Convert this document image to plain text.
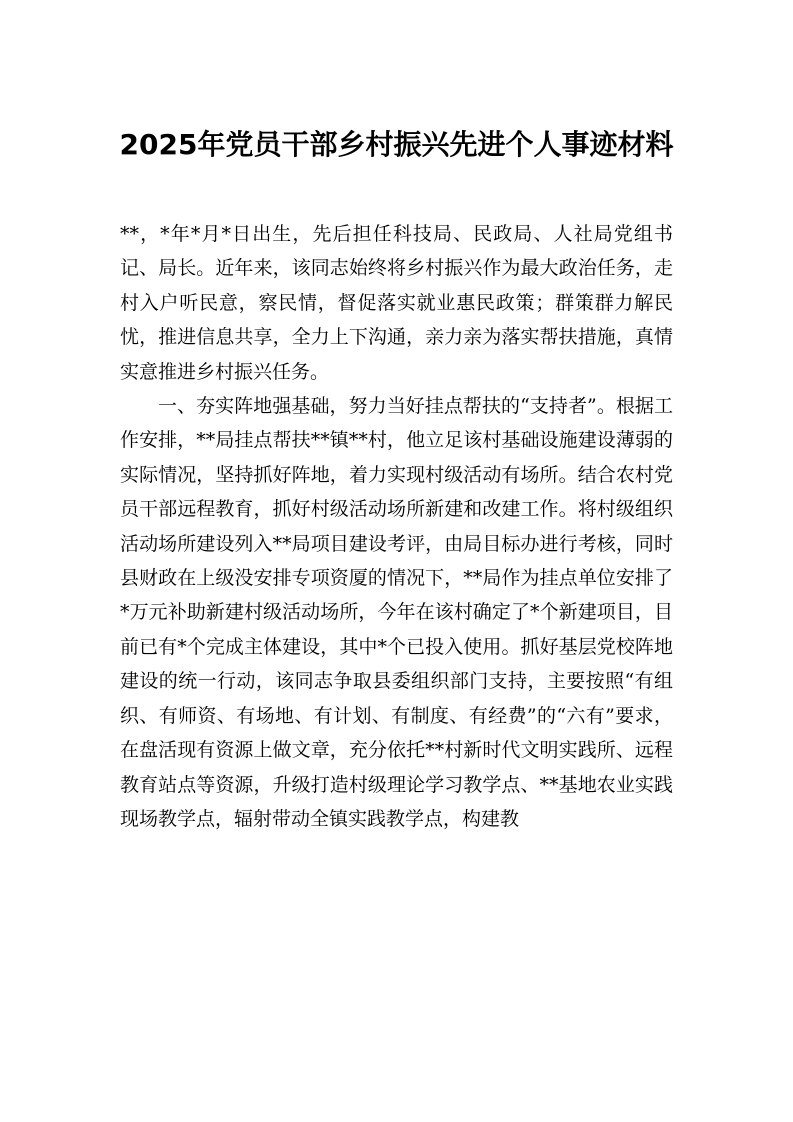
2025年党员干部乡村振兴先进个人事迹材料

**，*年*月*日出生，先后担任科技局、民政局、人社局党组书记、局长。近年来，该同志始终将乡村振兴作为最大政治任务，走村入户听民意，察民情，督促落实就业惠民政策；群策群力解民忧，推进信息共享，全力上下沟通，亲力亲为落实帮扶措施，真情实意推进乡村振兴任务。

一、夯实阵地强基础，努力当好挂点帮扶的“支持者”。根据工作安排，**局挂点帮扶**镇**村，他立足该村基础设施建设薄弱的实际情况，坚持抓好阵地，着力实现村级活动有场所。结合农村党员干部远程教育，抓好村级活动场所新建和改建工作。将村级组织活动场所建设列入**局项目建设考评，由局目标办进行考核，同时县财政在上级没安排专项资厦的情况下，**局作为挂点单位安排了*万元补助新建村级活动场所，今年在该村确定了*个新建项目，目前已有*个完成主体建设，其中*个已投入使用。抓好基层党校阵地建设的统一行动，该同志争取县委组织部门支持，主要按照“有组织、有师资、有场地、有计划、有制度、有经费”的“六有”要求，在盘活现有资源上做文章，充分依托**村新时代文明实践所、远程教育站点等资源，升级打造村级理论学习教学点、**基地农业实践现场教学点，辐射带动全镇实践教学点，构建教
